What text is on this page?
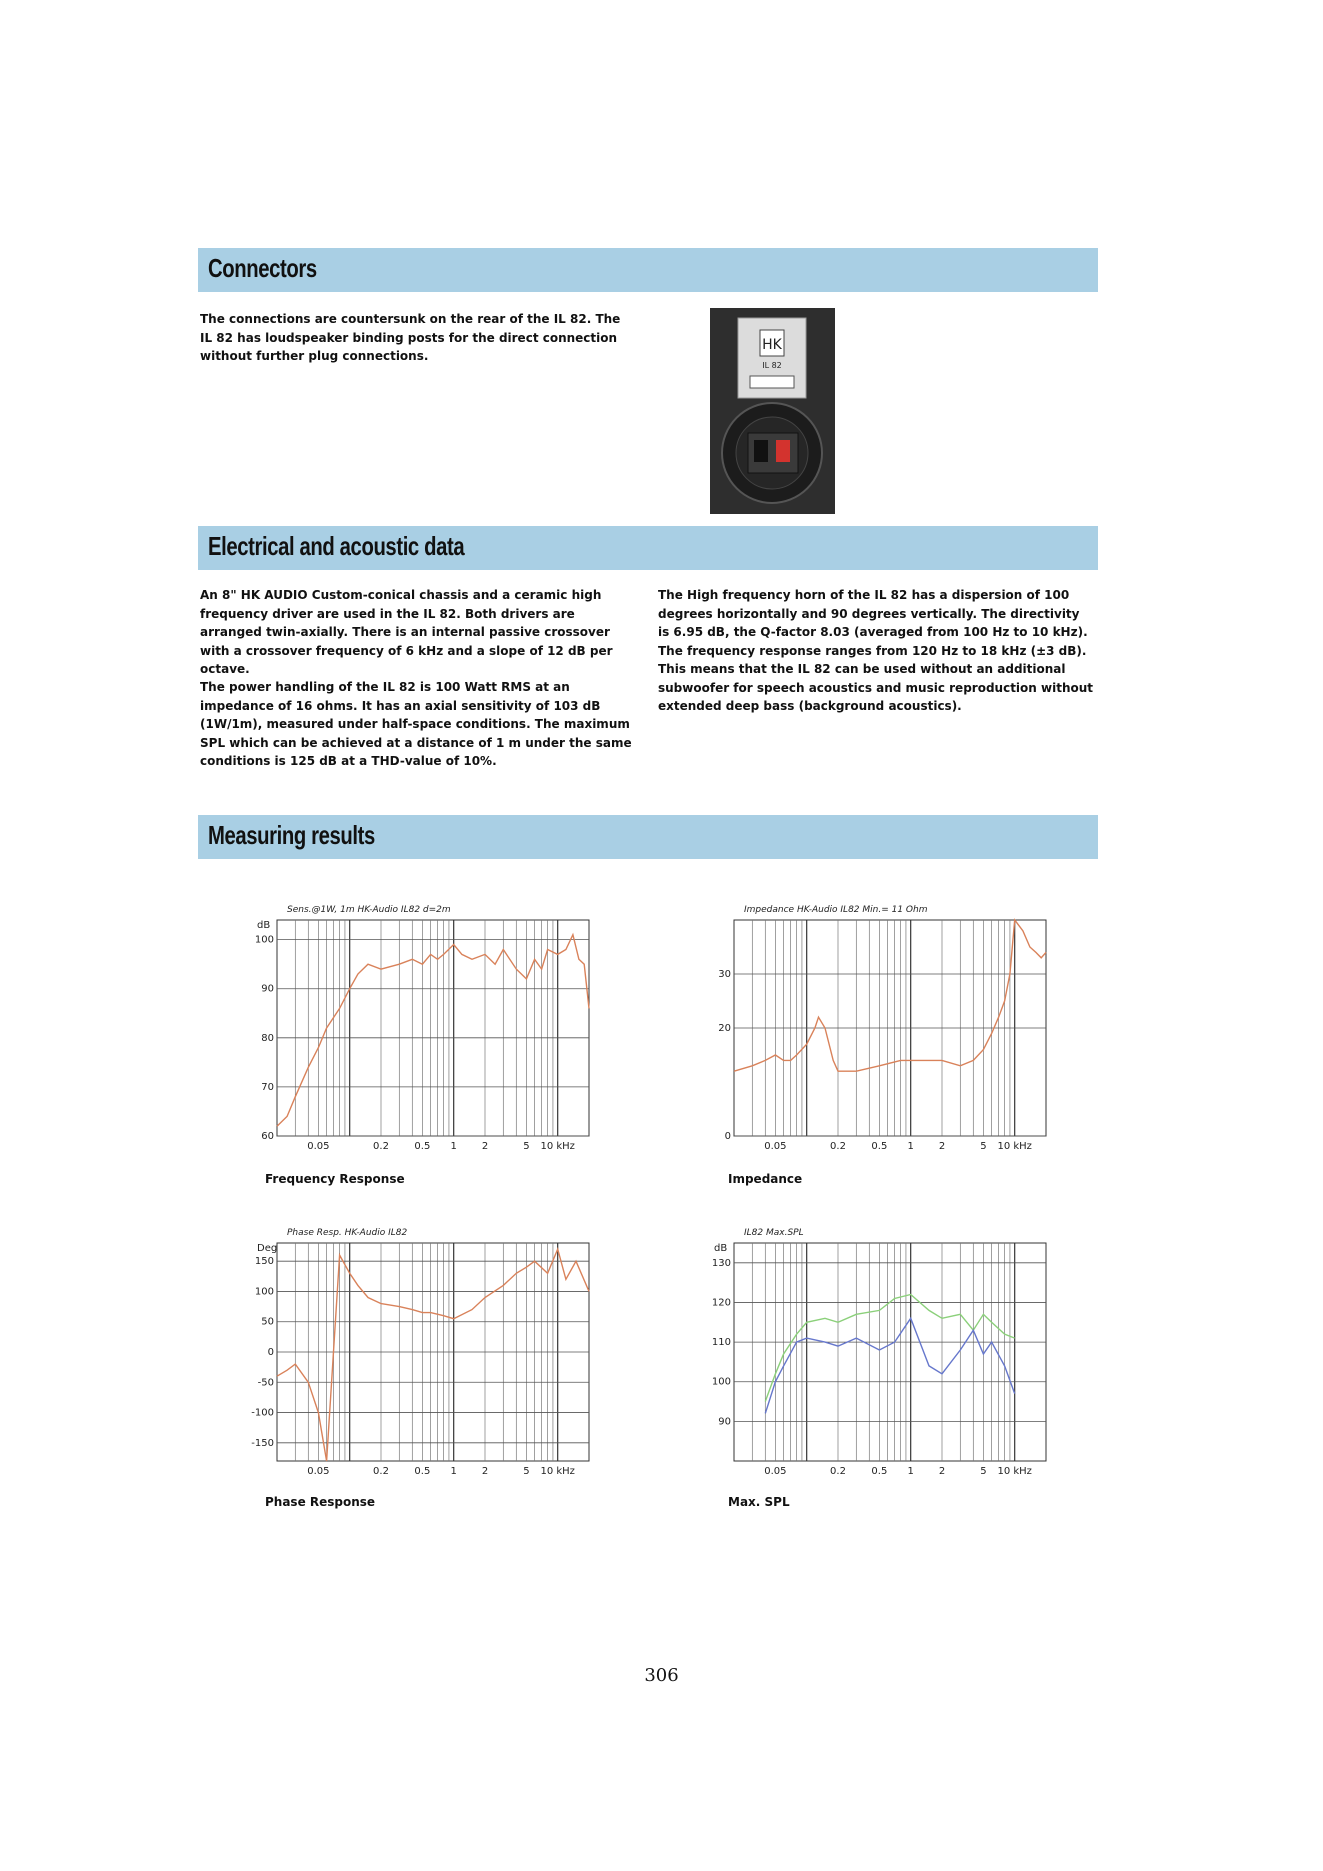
Connectors

The connections are countersunk on the rear of the IL 82. The IL 82 has loudspeaker binding posts for the direct connection without further plug connections.

HK
IL 82
Electrical and acoustic data

An 8" HK AUDIO Custom-conical chassis and a ceramic high frequency driver are used in the IL 82. Both drivers are arranged twin-axially. There is an internal passive crossover with a crossover frequency of 6 kHz and a slope of 12 dB per octave.

The power handling of the IL 82 is 100 Watt RMS at an impedance of 16 ohms. It has an axial sensitivity of 103 dB (1W/1m), measured under half-space conditions. The maximum SPL which can be achieved at a distance of 1 m under the same conditions is 125 dB at a THD-value of 10%.

The High frequency horn of the IL 82 has a dispersion of 100 degrees horizontally and 90 degrees vertically. The directivity is 6.95 dB, the Q-factor 8.03 (averaged from 100 Hz to 10 kHz). The frequency response ranges from 120 Hz to 18 kHz (±3 dB). This means that the IL 82 can be used without an additional subwoofer for speech acoustics and music reproduction without extended deep bass (background acoustics).

Measuring results
Sens.@1W, 1m HK-Audio IL82 d=2m
dB
100
90
80
70
60
0.05	0.2	0.5 1 2	5 10 kHz
Frequency Response
Impedance HK-Audio IL82 Min.= 11 Ohm
30
20
0
0.05	0.2	0.5 1 2	5 10 kHz
Impedance
Phase Resp. HK-Audio IL82
Deg
150
100
50
0
-50
-100
-150
0.05	0.2	0.5 1 2	5 10 kHz
Phase Response
IL82 Max.SPL
dB
130
120
110
100
90
0.05	0.2	0.5 1 2	5 10 kHz
Max. SPL
306
